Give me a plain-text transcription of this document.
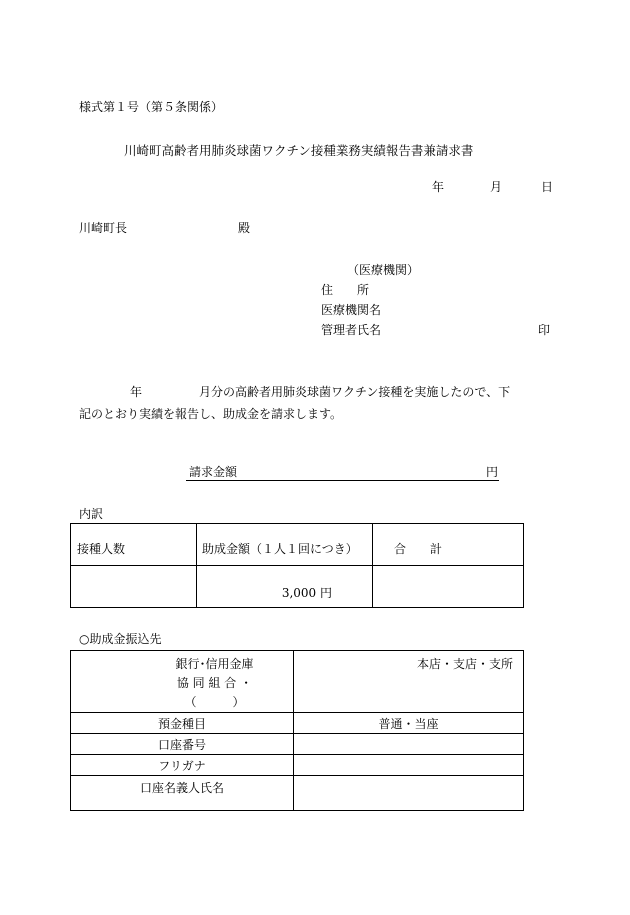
様式第１号（第５条関係）
川崎町高齢者用肺炎球菌ワクチン接種業務実績報告書兼請求書
年	月	日
川崎町長	殿
（医療機関）
住　　所
医療機関名
管理者氏名	印
年	月分の高齢者用肺炎球菌ワクチン接種を実施したので、下
記のとおり実績を報告し、助成金を請求します。
請求金額	円
内訳
接種人数	助成金額（１人１回につき）	合　　計

	3,000 円	

○助成金振込先
銀行･信用金庫
協 同 組 合 ・
（　　　）	本店・支店・支所

預金種目	普通・当座

口座番号	

フリガナ	

口座名義人氏名	
